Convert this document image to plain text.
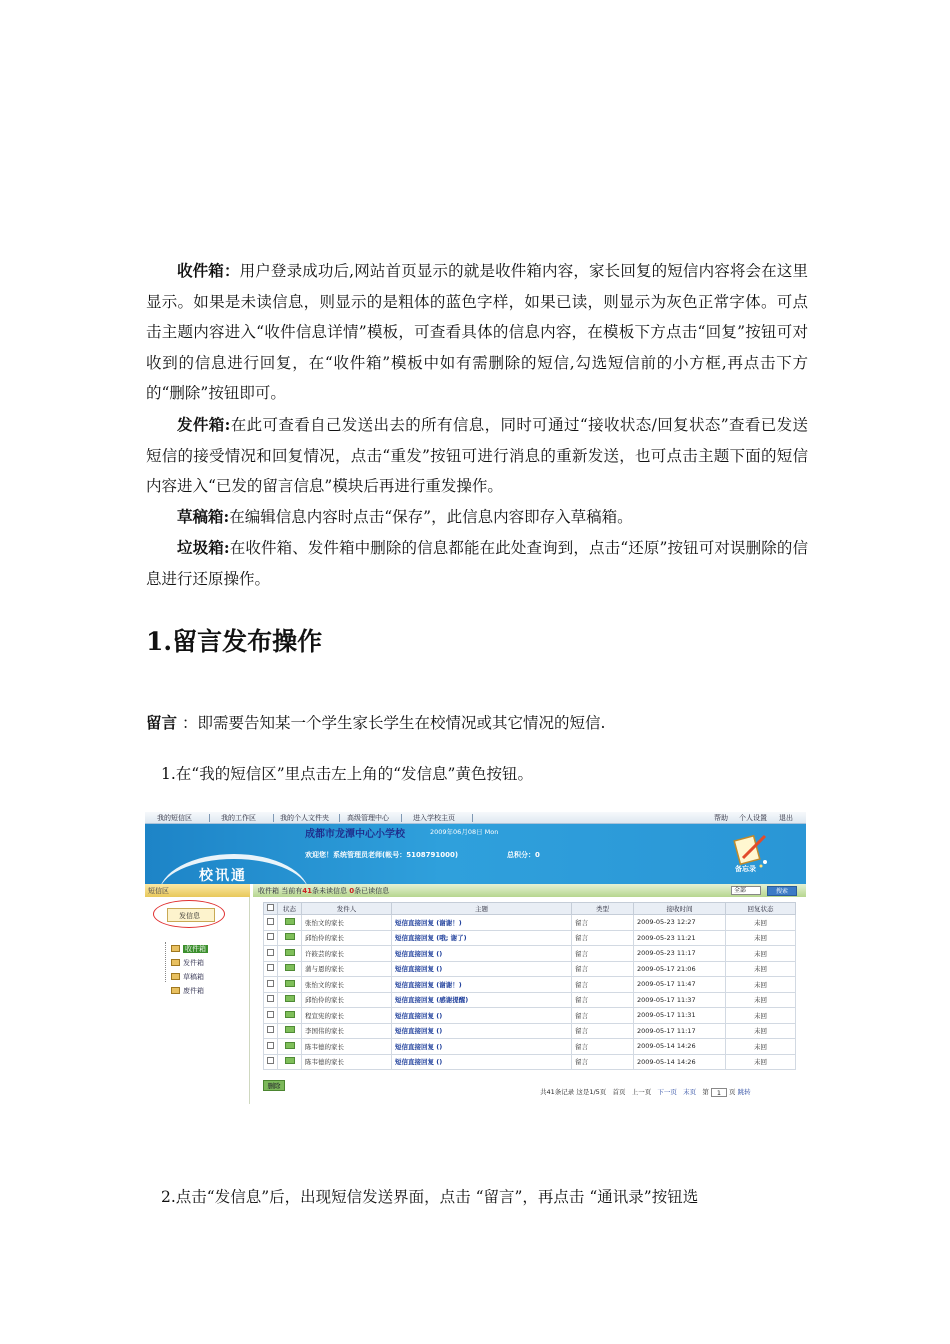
收件箱：用户登录成功后,网站首页显示的就是收件箱内容，家长回复的短信内容将会在这里显示。如果是未读信息，则显示的是粗体的蓝色字样，如果已读，则显示为灰色正常字体。可点击主题内容进入“收件信息详情”模板，可查看具体的信息内容，在模板下方点击“回复”按钮可对收到的信息进行回复，在“收件箱”模板中如有需删除的短信,勾选短信前的小方框,再点击下方的“删除”按钮即可。
发件箱:在此可查看自己发送出去的所有信息，同时可通过“接收状态/回复状态”查看已发送短信的接受情况和回复情况，点击“重发”按钮可进行消息的重新发送，也可点击主题下面的短信内容进入“已发的留言信息”模块后再进行重发操作。
草稿箱:在编辑信息内容时点击“保存”，此信息内容即存入草稿箱。
垃圾箱:在收件箱、发件箱中删除的信息都能在此处查询到，点击“还原”按钮可对误删除的信息进行还原操作。
1.留言发布操作
留言 ：即需要告知某一个学生家长学生在校情况或其它情况的短信.
1.在“我的短信区”里点击左上角的“发信息”黄色按钮。
我的短信区	我的工作区	我的个人文件夹	高级管理中心	进入学校主页	帮助 个人设置 退出
校讯通
成都市龙潭中心小学校	2009年06月08日 Mon
欢迎您！系统管理员老师(帐号：5108791000)	总积分：0
备忘录
短信区
发信息
收件箱
发件箱
草稿箱
废件箱
收件箱 当前有41条未读信息 0条已读信息	全部	搜索
	状态	发件人	主题	类型	接收时间	回复状态
		张怡文的家长	短信直接回复 (谢谢！)	留言	2009-05-23 12:27	未回
		邱怡伶的家长	短信直接回复 (哦; 谢了)	留言	2009-05-23 11:21	未回
		许筱芸的家长	短信直接回复 ()	留言	2009-05-23 11:17	未回
		蒲与恩的家长	短信直接回复 ()	留言	2009-05-17 21:06	未回
		张怡文的家长	短信直接回复 (谢谢！)	留言	2009-05-17 11:47	未回
		邱怡伶的家长	短信直接回复 (感谢提醒)	留言	2009-05-17 11:37	未回
		程宣宪的家长	短信直接回复 ()	留言	2009-05-17 11:31	未回
		李国伟的家长	短信直接回复 ()	留言	2009-05-17 11:17	未回
		陈韦德的家长	短信直接回复 ()	留言	2009-05-14 14:26	未回
		陈韦德的家长	短信直接回复 ()	留言	2009-05-14 14:26	未回
删除
共41条记录 这是1/5页 首页 上一页 下一页 末页 第 1 页 跳转
2.点击“发信息”后，出现短信发送界面，点击 “留言”，再点击 “通讯录”按钮选
